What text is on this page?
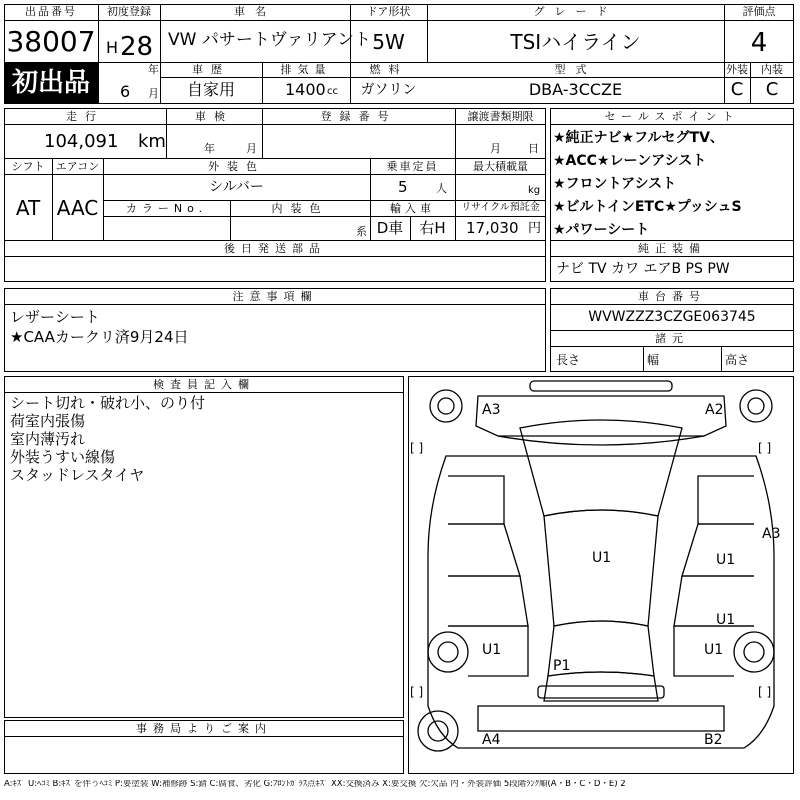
出品番号
38007
初出品
初度登録
H 28
年
6 月
車名
VW パサートヴァリアント
車歴
自家用
排気量
1400 cc
ドア形状
5W
燃料
ガソリン
グレード
TSIハイライン
型式
DBA-3CCZE
評価点
4
外装	内装
C	C
走行
104,091 km
車検
年	月
登録番号	譲渡書類期限
月 日
シフト
AT
エアコン
AAC
外装色
シルバー
カラーNo.	内装色
系
乗車定員
5	人
輸入車
D車	右H
最大積載量
kg
リサイクル預託金
17,030 円
後日発送部品
セールスポイント
★純正ナビ★フルセグTV、
★ACC★レーンアシスト
★フロントアシスト
★ビルトインETC★プッシュS
★パワーシート
純正装備
ナビ TV カワ エアB PS PW
注意事項欄
レザーシート
★CAAカークリ済9月24日
車台番号
WVWZZZ3CZGE063745
諸元
長さ	幅	高さ
検査員記入欄
シート切れ・破れ小、のり付
荷室内張傷
室内薄汚れ
外装うすい線傷
スタッドレスタイヤ
事務局よりご案内
A3	A2
A3
U1	U1
U1
U1	U1
P1
A4	B2
[ ]	[ ]
[ ]	[ ]
A:ｷｽﾞ U:ﾍｺﾐ B:ｷｽﾞを伴うﾍｺﾐ P:要塗装 W:補修跡 S:錆 C:腐食、劣化 G:ﾌﾛﾝﾄｶﾞﾗｽ点ｷｽﾞ XX:交換済み X:要交換 欠:欠品 内・外装評価 5段階ﾗﾝｸ順(A・B・C・D・E) 2
